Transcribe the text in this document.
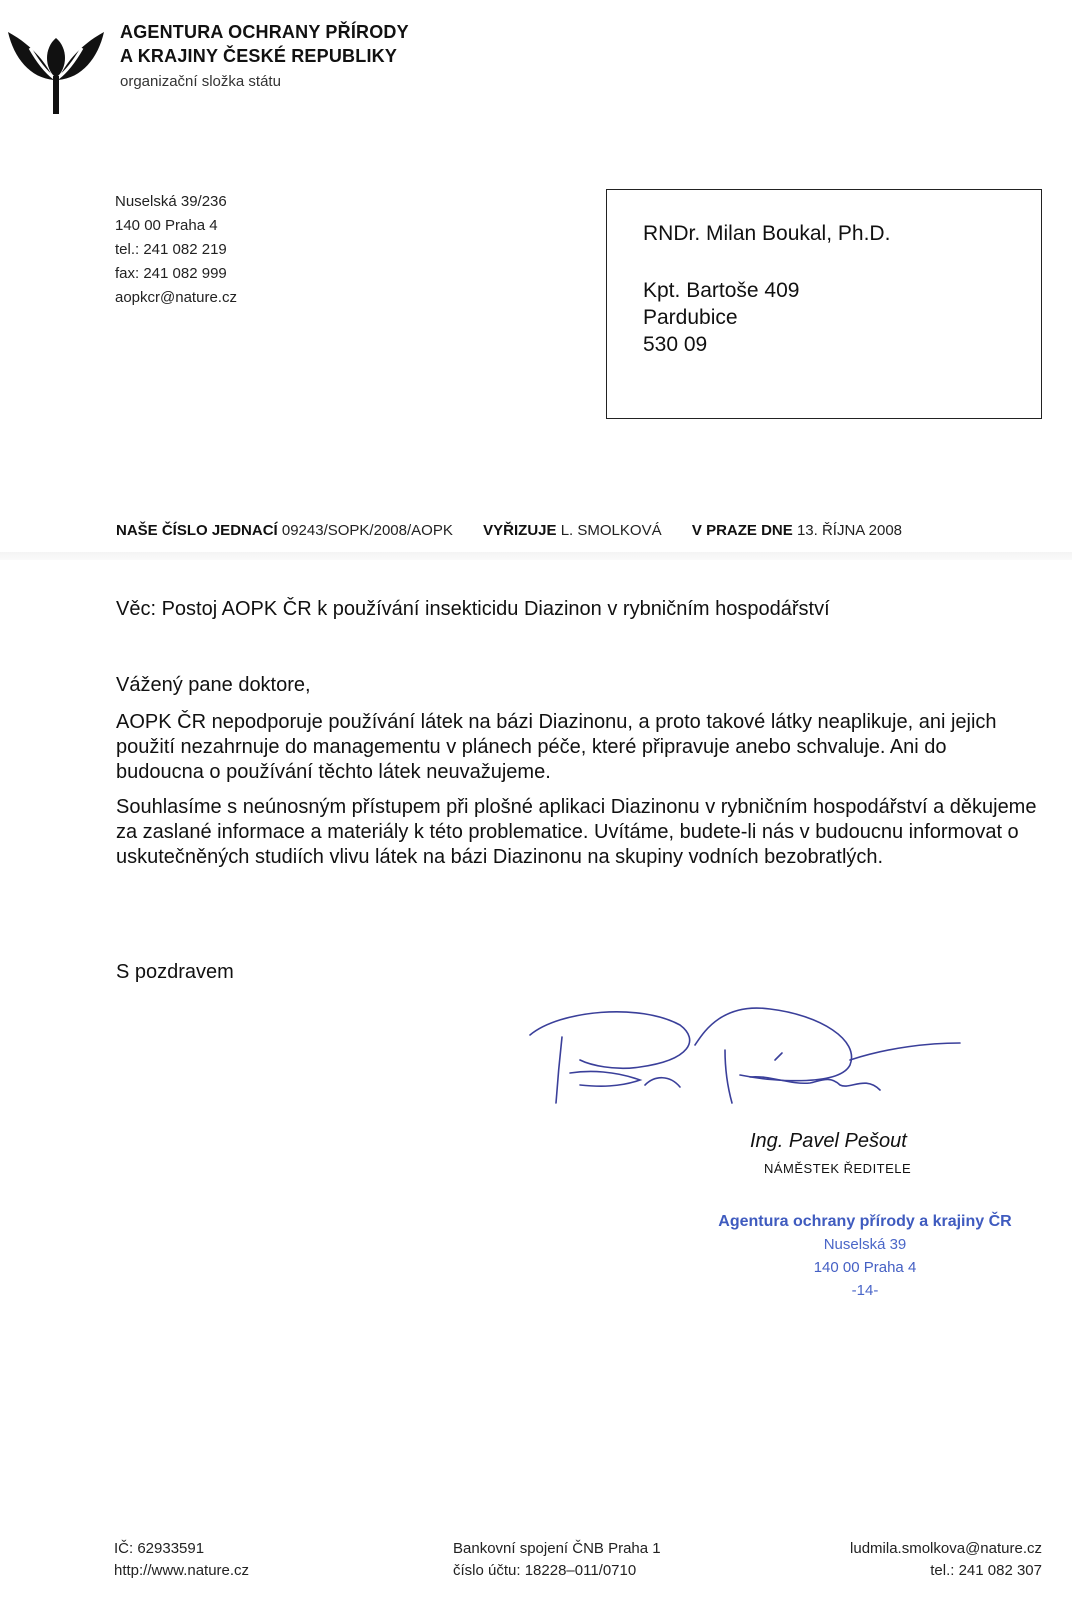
AGENTURA OCHRANY PŘÍRODY
A KRAJINY ČESKÉ REPUBLIKY
organizační složka státu
Nuselská 39/236
140 00 Praha 4
tel.: 241 082 219
fax: 241 082 999
aopkcr@nature.cz
RNDr. Milan Boukal, Ph.D.
Kpt. Bartoše 409
Pardubice
530 09
NAŠE ČÍSLO JEDNACÍ 09243/SOPK/2008/AOPK VYŘIZUJE L. SMOLKOVÁ V PRAZE DNE 13. ŘÍJNA 2008
Věc: Postoj AOPK ČR k používání insekticidu Diazinon v rybničním hospodářství

Vážený pane doktore,

AOPK ČR nepodporuje používání látek na bázi Diazinonu, a proto takové látky neaplikuje, ani jejich použití nezahrnuje do managementu v plánech péče, které připravuje anebo schvaluje. Ani do budoucna o používání těchto látek neuvažujeme.

Souhlasíme s neúnosným přístupem při plošné aplikaci Diazinonu v rybničním hospodářství a děkujeme za zaslané informace a materiály k této problematice. Uvítáme, budete-li nás v budoucnu informovat o uskutečněných studiích vlivu látek na bázi Diazinonu na skupiny vodních bezobratlých.

S pozdravem
Ing. Pavel Pešout
NÁMĚSTEK ŘEDITELE
Agentura ochrany přírody a krajiny ČR
Nuselská 39
140 00 Praha 4
-14-
IČ: 62933591
http://www.nature.cz
Bankovní spojení ČNB Praha 1
číslo účtu: 18228–011/0710
ludmila.smolkova@nature.cz
tel.: 241 082 307
